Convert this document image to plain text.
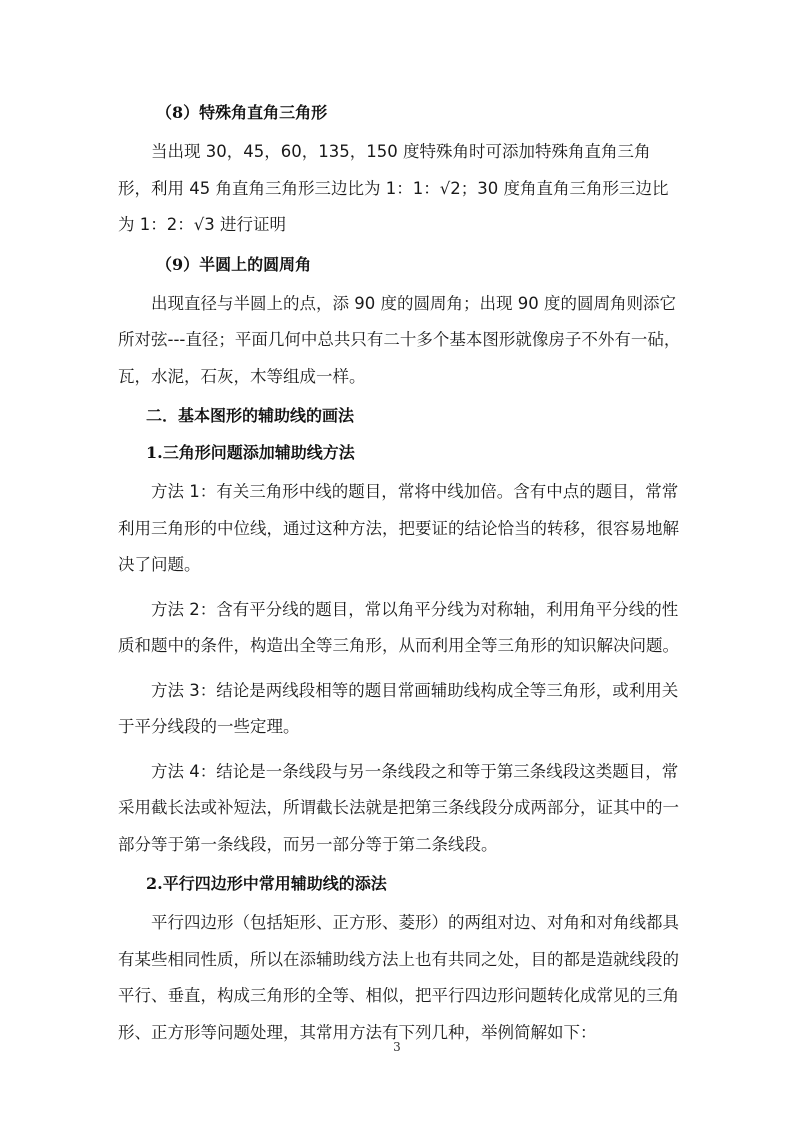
（8）特殊角直角三角形

当出现 30，45，60，135，150 度特殊角时可添加特殊角直角三角形，利用 45 角直角三角形三边比为 1：1：√2；30 度角直角三角形三边比为 1：2：√3 进行证明

（9）半圆上的圆周角

出现直径与半圆上的点，添 90 度的圆周角；出现 90 度的圆周角则添它所对弦---直径；平面几何中总共只有二十多个基本图形就像房子不外有一砧，瓦，水泥，石灰，木等组成一样。

二．基本图形的辅助线的画法

1.三角形问题添加辅助线方法

方法 1：有关三角形中线的题目，常将中线加倍。含有中点的题目，常常利用三角形的中位线，通过这种方法，把要证的结论恰当的转移，很容易地解决了问题。

方法 2：含有平分线的题目，常以角平分线为对称轴，利用角平分线的性质和题中的条件，构造出全等三角形，从而利用全等三角形的知识解决问题。

方法 3：结论是两线段相等的题目常画辅助线构成全等三角形，或利用关于平分线段的一些定理。

方法 4：结论是一条线段与另一条线段之和等于第三条线段这类题目，常采用截长法或补短法，所谓截长法就是把第三条线段分成两部分，证其中的一部分等于第一条线段，而另一部分等于第二条线段。

2.平行四边形中常用辅助线的添法

平行四边形（包括矩形、正方形、菱形）的两组对边、对角和对角线都具有某些相同性质，所以在添辅助线方法上也有共同之处，目的都是造就线段的平行、垂直，构成三角形的全等、相似，把平行四边形问题转化成常见的三角形、正方形等问题处理，其常用方法有下列几种，举例简解如下：

3
